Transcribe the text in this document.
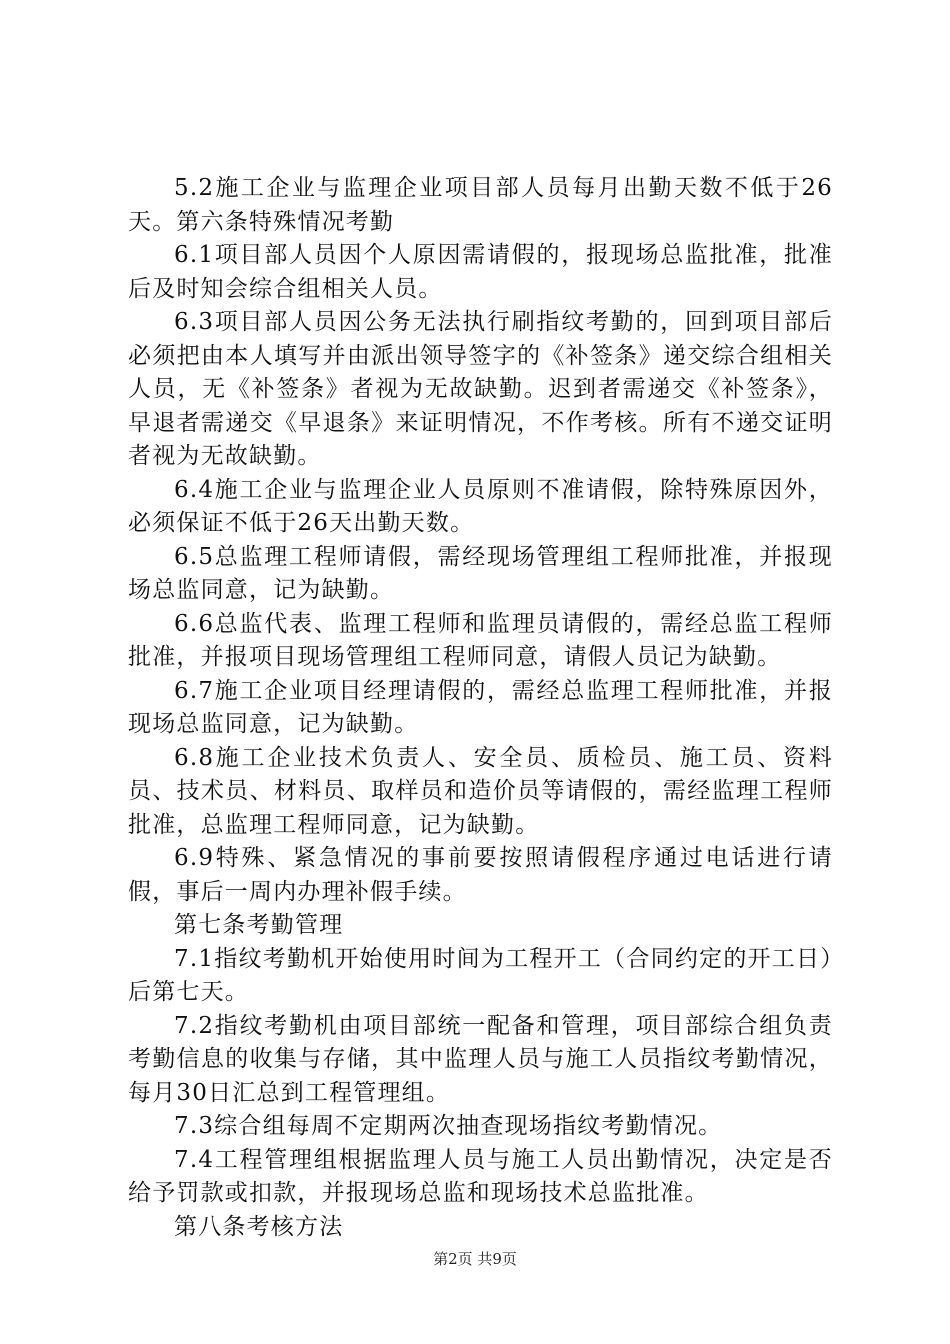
5.2施工企业与监理企业项目部人员每月出勤天数不低于26天。第六条特殊情况考勤

6.1项目部人员因个人原因需请假的，报现场总监批准，批准后及时知会综合组相关人员。

6.3项目部人员因公务无法执行刷指纹考勤的，回到项目部后必须把由本人填写并由派出领导签字的《补签条》递交综合组相关人员，无《补签条》者视为无故缺勤。迟到者需递交《补签条》，早退者需递交《早退条》来证明情况，不作考核。所有不递交证明者视为无故缺勤。

6.4施工企业与监理企业人员原则不准请假，除特殊原因外，必须保证不低于26天出勤天数。

6.5总监理工程师请假，需经现场管理组工程师批准，并报现场总监同意，记为缺勤。

6.6总监代表、监理工程师和监理员请假的，需经总监工程师批准，并报项目现场管理组工程师同意，请假人员记为缺勤。

6.7施工企业项目经理请假的，需经总监理工程师批准，并报现场总监同意，记为缺勤。

6.8施工企业技术负责人、安全员、质检员、施工员、资料员、技术员、材料员、取样员和造价员等请假的，需经监理工程师批准，总监理工程师同意，记为缺勤。

6.9特殊、紧急情况的事前要按照请假程序通过电话进行请假，事后一周内办理补假手续。

第七条考勤管理

7.1指纹考勤机开始使用时间为工程开工（合同约定的开工日）后第七天。

7.2指纹考勤机由项目部统一配备和管理，项目部综合组负责考勤信息的收集与存储，其中监理人员与施工人员指纹考勤情况，每月30日汇总到工程管理组。

7.3综合组每周不定期两次抽查现场指纹考勤情况。

7.4工程管理组根据监理人员与施工人员出勤情况，决定是否给予罚款或扣款，并报现场总监和现场技术总监批准。

第八条考核方法

第2页 共9页
